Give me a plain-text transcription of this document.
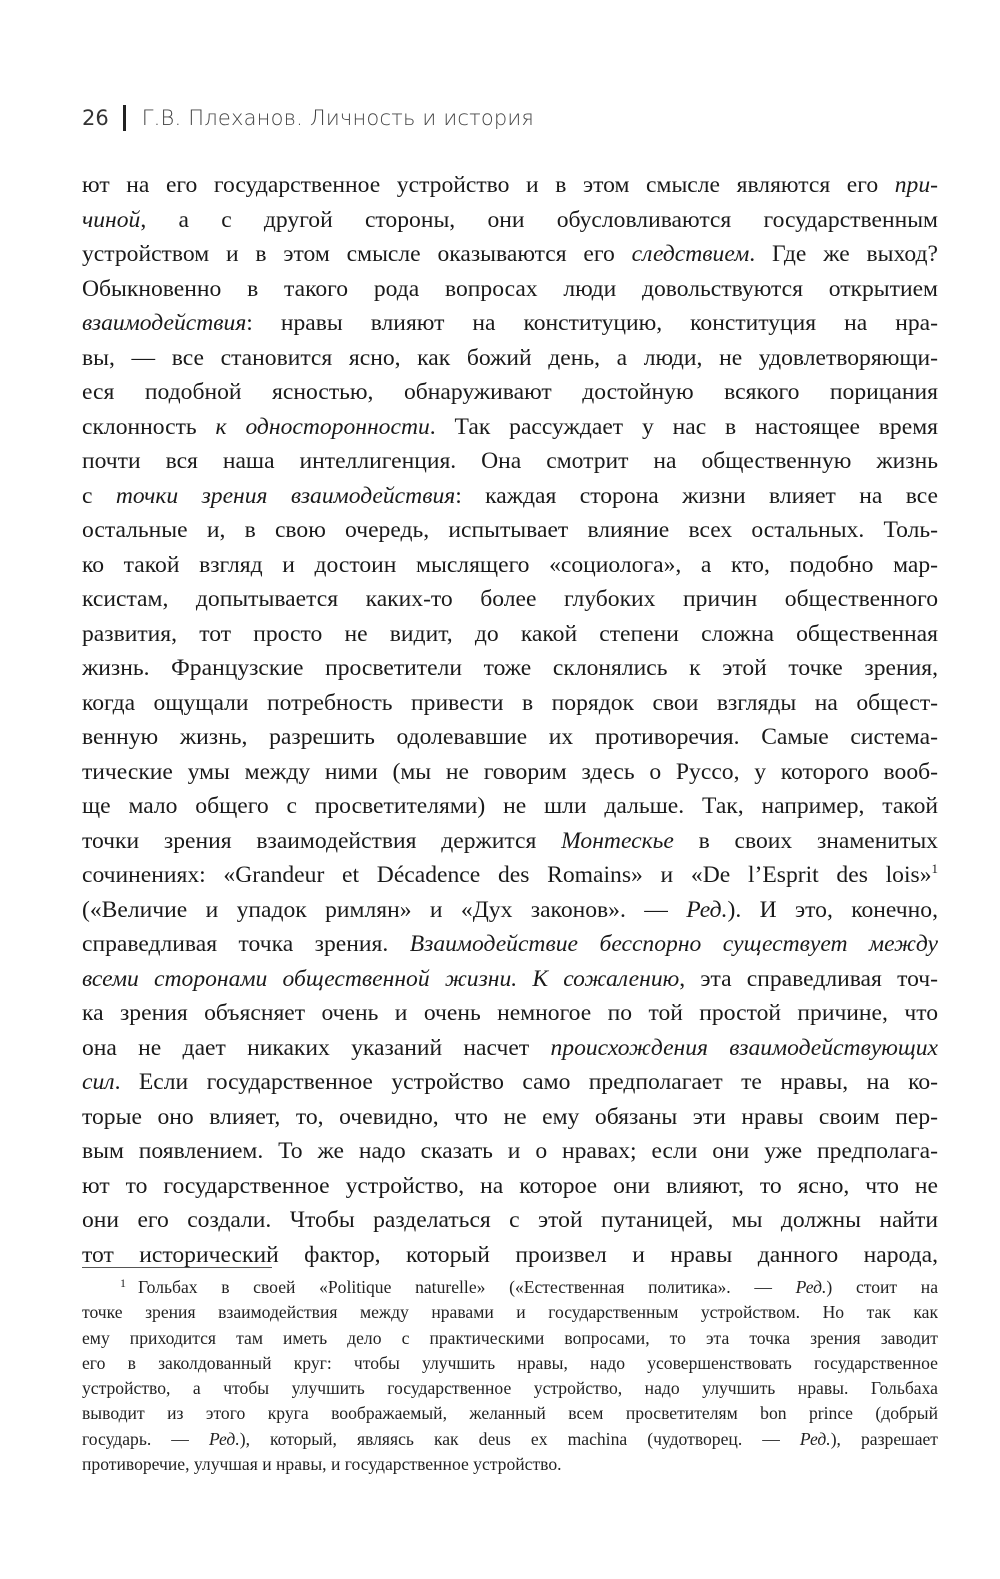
26 Г.В. Плеханов. Личность и история
ют на его государственное устройство и в этом смысле являются его при-
чиной, а с другой стороны, они обусловливаются государственным
устройством и в этом смысле оказываются его следствием. Где же выход?
Обыкновенно в такого рода вопросах люди довольствуются открытием
взаимодействия: нравы влияют на конституцию, конституция на нра-
вы, — все становится ясно, как божий день, а люди, не удовлетворяющи-
еся подобной ясностью, обнаруживают достойную всякого порицания
склонность к односторонности. Так рассуждает у нас в настоящее время
почти вся наша интеллигенция. Она смотрит на общественную жизнь
с точки зрения взаимодействия: каждая сторона жизни влияет на все
остальные и, в свою очередь, испытывает влияние всех остальных. Толь-
ко такой взгляд и достоин мыслящего «социолога», а кто, подобно мар-
ксистам, допытывается каких-то более глубоких причин общественного
развития, тот просто не видит, до какой степени сложна общественная
жизнь. Французские просветители тоже склонялись к этой точке зрения,
когда ощущали потребность привести в порядок свои взгляды на общест-
венную жизнь, разрешить одолевавшие их противоречия. Самые системa-
тические умы между ними (мы не говорим здесь о Руссо, у которого вооб-
ще мало общего с просветителями) не шли дальше. Так, например, такой
точки зрения взаимодействия держится Монтескье в своих знаменитых
сочинениях: «Grandeur et Décadence des Romains» и «De l’Esprit des lois»$^1$
(«Величие и упадок римлян» и «Дух законов». — Ред.). И это, конечно,
справедливая точка зрения. Взаимодействие бесспорно существует между
всеми сторонами общественной жизни. К сожалению, эта справедливая точ-
ка зрения объясняет очень и очень немногое по той простой причине, что
она не дает никаких указаний насчет происхождения взаимодействующих
сил. Если государственное устройство само предполагает те нравы, на ко-
торые оно влияет, то, очевидно, что не ему обязаны эти нравы своим пер-
вым появлением. То же надо сказать и о нравах; если они уже предполага-
ют то государственное устройство, на которое они влияют, то ясно, что не
они его создали. Чтобы разделаться с этой путаницей, мы должны найти
тот исторический фактор, который произвел и нравы данного народа,
$^1$ Гольбах в своей «Politique naturelle» («Естественная политика». — Ред.) стоит на
точке зрения взаимодействия между нравами и государственным устройством. Но так как
ему приходится там иметь дело с практическими вопросами, то эта точка зрения заводит
его в заколдованный круг: чтобы улучшить нравы, надо усовершенствовать государственное
устройство, а чтобы улучшить государственное устройство, надо улучшить нравы. Гольбаха
выводит из этого круга воображаемый, желанный всем просветителям bon prince (добрый
государь. — Ред.), который, являясь как deus ex machina (чудотворец. — Ред.), разрешает
противоречие, улучшая и нравы, и государственное устройство.
